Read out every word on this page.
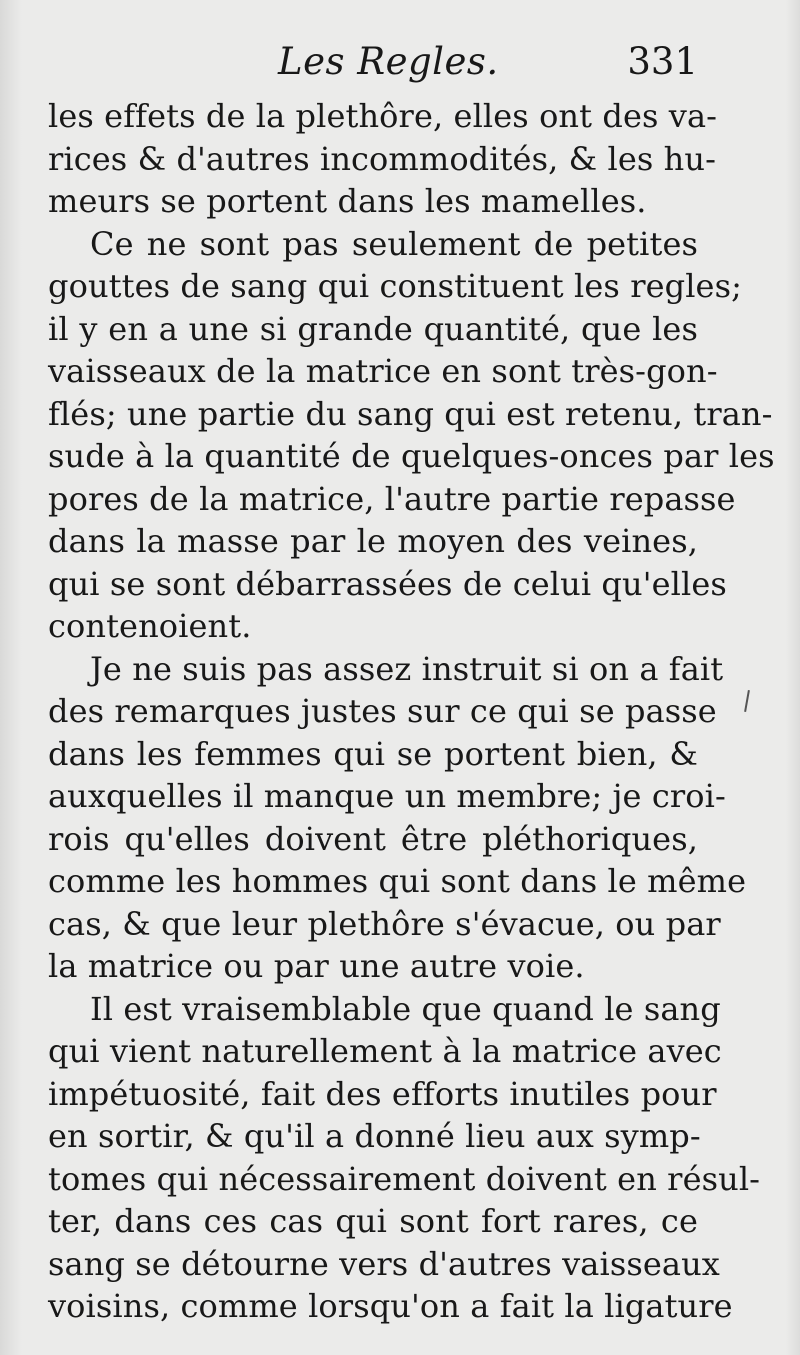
Les Regles.	331
les effets de la plethôre, elles ont des va-
rices & d'autres incommodités, & les hu-
meurs se portent dans les mamelles.
Ce ne sont pas seulement de petites
gouttes de sang qui constituent les regles;
il y en a une si grande quantité, que les
vaisseaux de la matrice en sont très-gon-
flés; une partie du sang qui est retenu, tran-
sude à la quantité de quelques-onces par les
pores de la matrice, l'autre partie repasse
dans la masse par le moyen des veines,
qui se sont débarrassées de celui qu'elles
contenoient.
Je ne suis pas assez instruit si on a fait
des remarques justes sur ce qui se passe
dans les femmes qui se portent bien, &
auxquelles il manque un membre; je croi-
rois qu'elles doivent être pléthoriques,
comme les hommes qui sont dans le même
cas, & que leur plethôre s'évacue, ou par
la matrice ou par une autre voie.
Il est vraisemblable que quand le sang
qui vient naturellement à la matrice avec
impétuosité, fait des efforts inutiles pour
en sortir, & qu'il a donné lieu aux symp-
tomes qui nécessairement doivent en résul-
ter, dans ces cas qui sont fort rares, ce
sang se détourne vers d'autres vaisseaux
voisins, comme lorsqu'on a fait la ligature
